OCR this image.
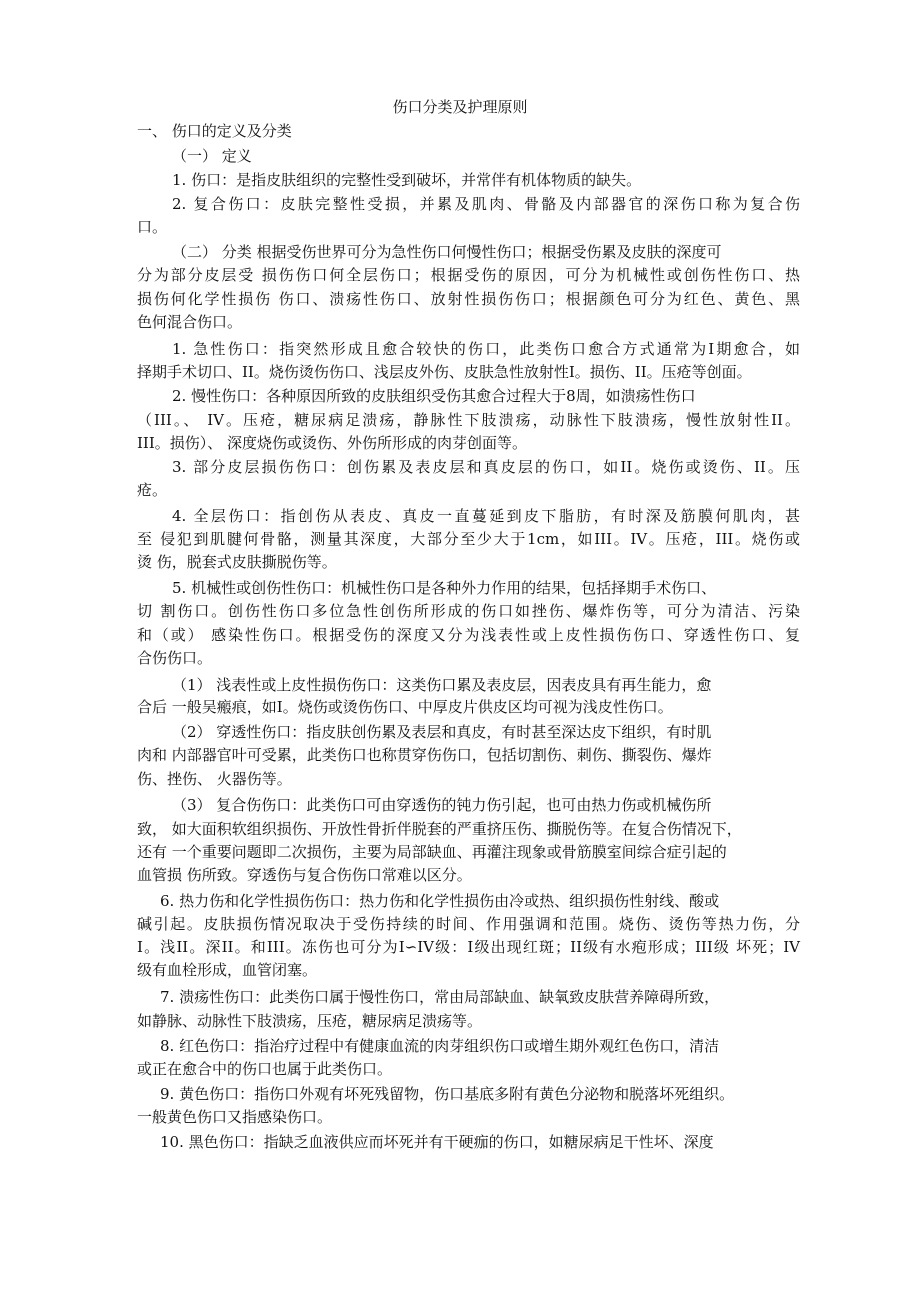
伤口分类及护理原则
一、 伤口的定义及分类
（一） 定义
1. 伤口：是指皮肤组织的完整性受到破坏，并常伴有机体物质的缺失。
2. 复合伤口：皮肤完整性受损，并累及肌肉、骨骼及内部器官的深伤口称为复合伤
口。
（二） 分类 根据受伤世界可分为急性伤口何慢性伤口；根据受伤累及皮肤的深度可
分为部分皮层受 损伤伤口何全层伤口；根据受伤的原因，可分为机械性或创伤性伤口、热
损伤何化学性损伤 伤口、溃疡性伤口、放射性损伤伤口；根据颜色可分为红色、黄色、黑
色何混合伤口。
1. 急性伤口：指突然形成且愈合较快的伤口，此类伤口愈合方式通常为I期愈合，如
择期手术切口、II。烧伤烫伤伤口、浅层皮外伤、皮肤急性放射性I。损伤、II。压疮等创面。
2. 慢性伤口：各种原因所致的皮肤组织受伤其愈合过程大于8周，如溃疡性伤口
（III。、 IV。压疮，糖尿病足溃疡，静脉性下肢溃疡，动脉性下肢溃疡，慢性放射性II。
III。损伤）、 深度烧伤或烫伤、外伤所形成的肉芽创面等。
3. 部分皮层损伤伤口：创伤累及表皮层和真皮层的伤口，如II。烧伤或烫伤、II。压
疮。
4. 全层伤口：指创伤从表皮、真皮一直蔓延到皮下脂肪，有时深及筋膜何肌肉，甚
至 侵犯到肌腱何骨骼，测量其深度，大部分至少大于1cm，如III。IV。压疮，III。烧伤或
烫 伤，脱套式皮肤撕脱伤等。
5. 机械性或创伤性伤口：机械性伤口是各种外力作用的结果，包括择期手术伤口、
切 割伤口。创伤性伤口多位急性创伤所形成的伤口如挫伤、爆炸伤等，可分为清洁、污染
和（或） 感染性伤口。根据受伤的深度又分为浅表性或上皮性损伤伤口、穿透性伤口、复
合伤伤口。
（1） 浅表性或上皮性损伤伤口：这类伤口累及表皮层，因表皮具有再生能力，愈
合后 一般吴瘢痕，如I。烧伤或烫伤伤口、中厚皮片供皮区均可视为浅皮性伤口。
（2） 穿透性伤口：指皮肤创伤累及表层和真皮，有时甚至深达皮下组织，有时肌
肉和 内部器官叶可受累，此类伤口也称贯穿伤伤口，包括切割伤、刺伤、撕裂伤、爆炸
伤、挫伤、 火器伤等。
（3） 复合伤伤口：此类伤口可由穿透伤的钝力伤引起，也可由热力伤或机械伤所
致， 如大面积软组织损伤、开放性骨折伴脱套的严重挤压伤、撕脱伤等。在复合伤情况下，
还有 一个重要问题即二次损伤，主要为局部缺血、再灌注现象或骨筋膜室间综合症引起的
血管损 伤所致。穿透伤与复合伤伤口常难以区分。
6. 热力伤和化学性损伤伤口：热力伤和化学性损伤由冷或热、组织损伤性射线、酸或
碱引起。皮肤损伤情况取决于受伤持续的时间、作用强调和范围。烧伤、烫伤等热力伤，分
I。浅II。深II。和III。冻伤也可分为I∽IV级：I级出现红斑；II级有水疱形成；III级 坏死；IV
级有血栓形成，血管闭塞。
7. 溃疡性伤口：此类伤口属于慢性伤口，常由局部缺血、缺氧致皮肤营养障碍所致，
如静脉、动脉性下肢溃疡，压疮，糖尿病足溃疡等。
8. 红色伤口：指治疗过程中有健康血流的肉芽组织伤口或增生期外观红色伤口，清洁
或正在愈合中的伤口也属于此类伤口。
9. 黄色伤口：指伤口外观有坏死残留物，伤口基底多附有黄色分泌物和脱落坏死组织。
一般黄色伤口又指感染伤口。
10. 黑色伤口：指缺乏血液供应而坏死并有干硬痂的伤口，如糖尿病足干性坏、深度
